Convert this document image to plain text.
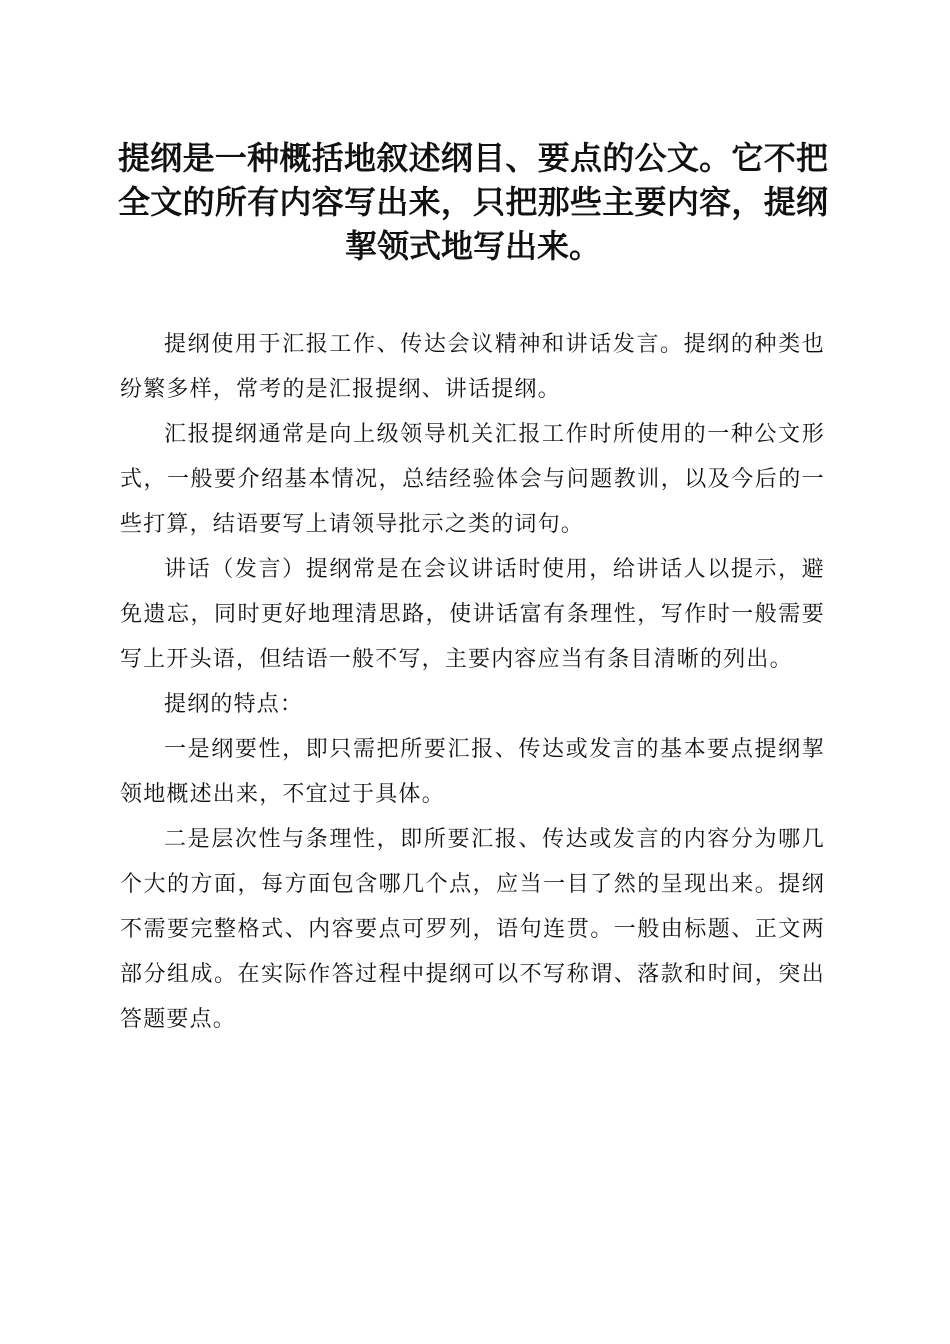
提纲是一种概括地叙述纲目、要点的公文。它不把全文的所有内容写出来，只把那些主要内容，提纲挈领式地写出来。

提纲使用于汇报工作、传达会议精神和讲话发言。提纲的种类也纷繁多样，常考的是汇报提纲、讲话提纲。

汇报提纲通常是向上级领导机关汇报工作时所使用的一种公文形式，一般要介绍基本情况，总结经验体会与问题教训，以及今后的一些打算，结语要写上请领导批示之类的词句。

讲话（发言）提纲常是在会议讲话时使用，给讲话人以提示，避免遗忘，同时更好地理清思路，使讲话富有条理性，写作时一般需要写上开头语，但结语一般不写，主要内容应当有条目清晰的列出。

提纲的特点：

一是纲要性，即只需把所要汇报、传达或发言的基本要点提纲挈领地概述出来，不宜过于具体。

二是层次性与条理性，即所要汇报、传达或发言的内容分为哪几个大的方面，每方面包含哪几个点，应当一目了然的呈现出来。提纲不需要完整格式、内容要点可罗列，语句连贯。一般由标题、正文两部分组成。在实际作答过程中提纲可以不写称谓、落款和时间，突出答题要点。
